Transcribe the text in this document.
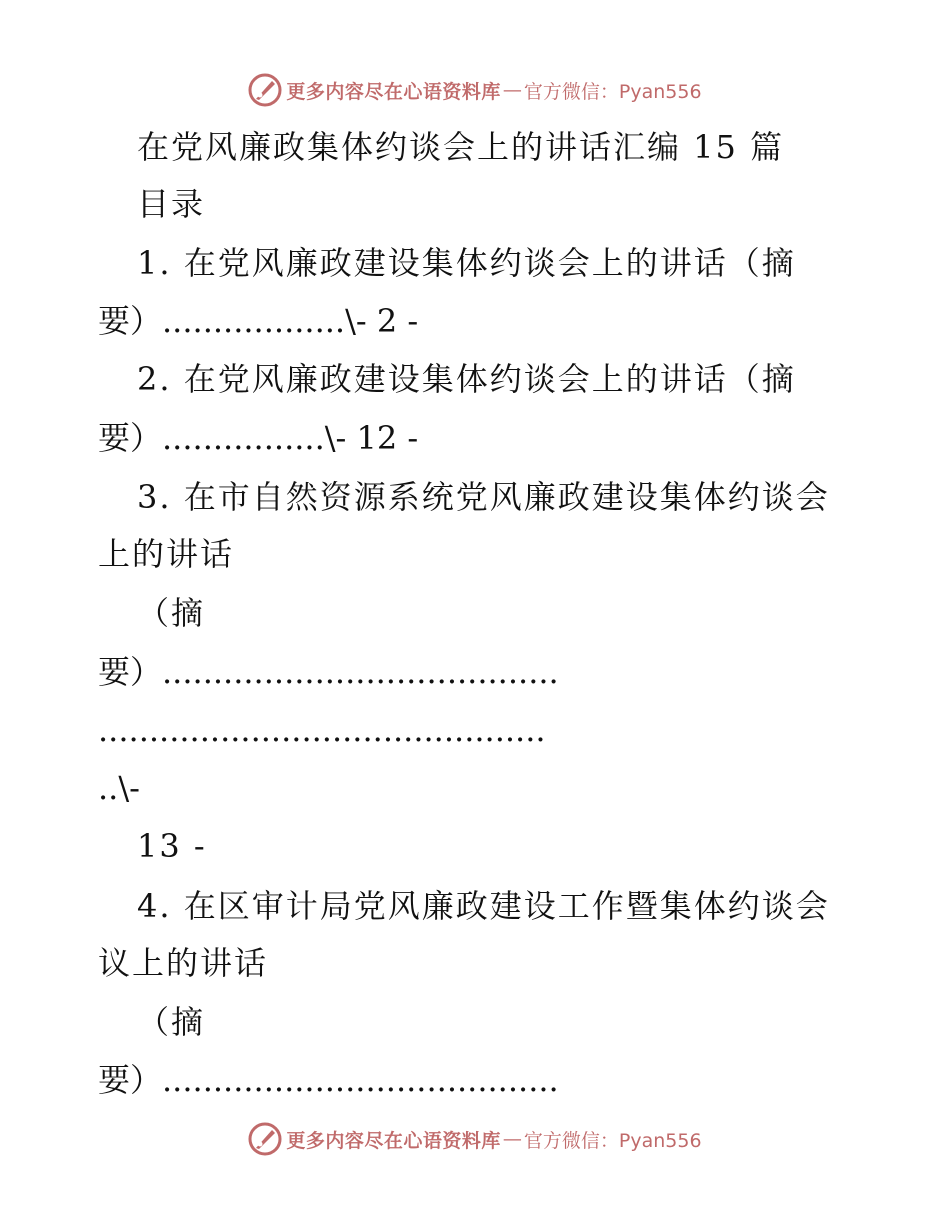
更多内容尽在心语资料库 — 官方微信：Pyan556
在党风廉政集体约谈会上的讲话汇编 15 篇
目录
1. 在党风廉政建设集体约谈会上的讲话（摘
要）..................\- 2 -
2. 在党风廉政建设集体约谈会上的讲话（摘
要）................\- 12 -
3. 在市自然资源系统党风廉政建设集体约谈会
上的讲话
（摘
要）.......................................
............................................
..\-
13 -
4. 在区审计局党风廉政建设工作暨集体约谈会
议上的讲话
（摘
要）.......................................
更多内容尽在心语资料库 — 官方微信：Pyan556
